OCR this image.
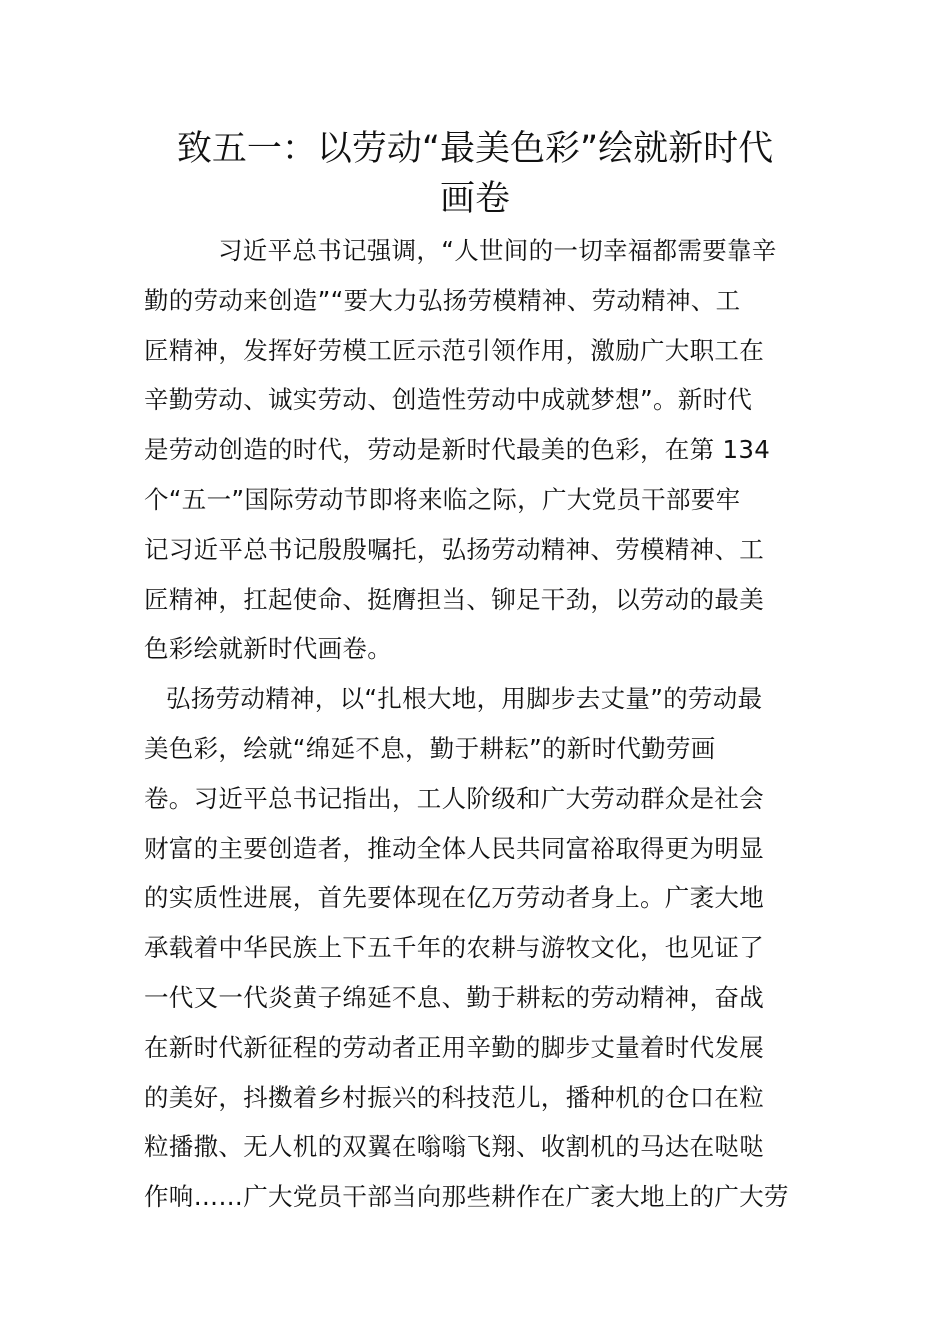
致五一：以劳动“最美色彩”绘就新时代
画卷
习近平总书记强调，“人世间的一切幸福都需要靠辛
勤的劳动来创造”“要大力弘扬劳模精神、劳动精神、工
匠精神，发挥好劳模工匠示范引领作用，激励广大职工在
辛勤劳动、诚实劳动、创造性劳动中成就梦想”。新时代
是劳动创造的时代，劳动是新时代最美的色彩，在第 134
个“五一”国际劳动节即将来临之际，广大党员干部要牢
记习近平总书记殷殷嘱托，弘扬劳动精神、劳模精神、工
匠精神，扛起使命、挺膺担当、铆足干劲，以劳动的最美
色彩绘就新时代画卷。
弘扬劳动精神，以“扎根大地，用脚步去丈量”的劳动最
美色彩，绘就“绵延不息，勤于耕耘”的新时代勤劳画
卷。习近平总书记指出，工人阶级和广大劳动群众是社会
财富的主要创造者，推动全体人民共同富裕取得更为明显
的实质性进展，首先要体现在亿万劳动者身上。广袤大地
承载着中华民族上下五千年的农耕与游牧文化，也见证了
一代又一代炎黄子绵延不息、勤于耕耘的劳动精神，奋战
在新时代新征程的劳动者正用辛勤的脚步丈量着时代发展
的美好，抖擞着乡村振兴的科技范儿，播种机的仓口在粒
粒播撒、无人机的双翼在嗡嗡飞翔、收割机的马达在哒哒
作响……广大党员干部当向那些耕作在广袤大地上的广大劳
